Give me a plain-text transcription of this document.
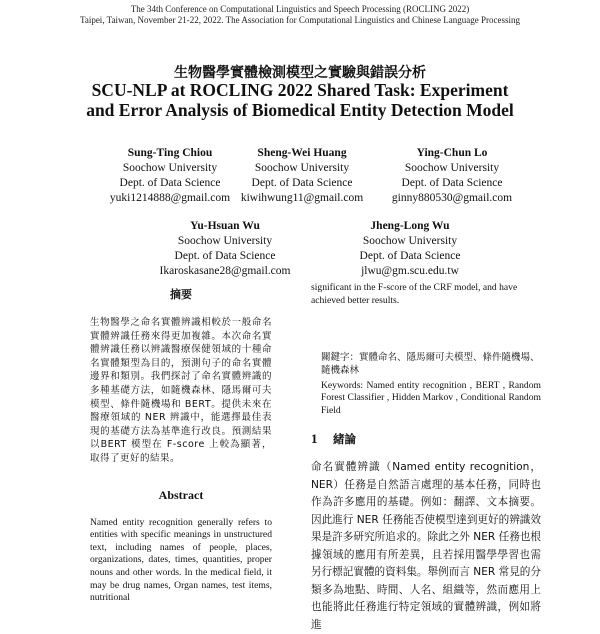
The 34th Conference on Computational Linguistics and Speech Processing (ROCLING 2022)
Taipei, Taiwan, November 21-22, 2022. The Association for Computational Linguistics and Chinese Language Processing
生物醫學實體檢測模型之實驗與錯誤分析
SCU-NLP at ROCLING 2022 Shared Task: Experiment
and Error Analysis of Biomedical Entity Detection Model
Sung-Ting Chiou
Soochow University
Dept. of Data Science
yuki1214888@gmail.com
Sheng-Wei Huang
Soochow University
Dept. of Data Science
kiwihwung11@gmail.com
Ying-Chun Lo
Soochow University
Dept. of Data Science
ginny880530@gmail.com
Yu-Hsuan Wu
Soochow University
Dept. of Data Science
Ikaroskasane28@gmail.com
Jheng-Long Wu
Soochow University
Dept. of Data Science
jlwu@gm.scu.edu.tw
摘要
生物醫學之命名實體辨識相較於一般命名實體辨識任務來得更加複雜。本次命名實體辨識任務以辨識醫療保健領域的十種命名實體類型為目的，預測句子的命名實體邊界和類別。我們探討了命名實體辨識的多種基礎方法，如隨機森林、隱馬爾可夫模型、條件隨機場和 BERT。提供未來在醫療領域的 NER 辨識中，能選擇最佳表現的基礎方法為基準進行改良。預測結果以BERT 模型在 F-score 上較為顯著，取得了更好的結果。
Abstract
Named entity recognition generally refers to entities with specific meanings in unstructured text, including names of people, places, organizations, dates, times, quantities, proper nouns and other words. In the medical field, it may be drug names, Organ names, test items, nutritional
significant in the F-score of the CRF model, and have achieved better results.
關鍵字：實體命名、隱馬爾可夫模型、條件隨機場、隨機森林
Keywords: Named entity recognition , BERT , Random Forest Classifier , Hidden Markov , Conditional Random Field
1 緒論
命名實體辨識（Named entity recognition，NER）任務是自然語言處理的基本任務，同時也作為許多應用的基礎。例如：翻譯、文本摘要。因此進行 NER 任務能否使模型達到更好的辨識效果是許多研究所追求的。除此之外 NER 任務也根據領域的應用有所差異，且若採用醫學學習也需另行標記實體的資料集。舉例而言 NER 常見的分類多為地點、時間、人名、組織等，然而應用上也能將此任務進行特定領域的實體辨識，例如將進
